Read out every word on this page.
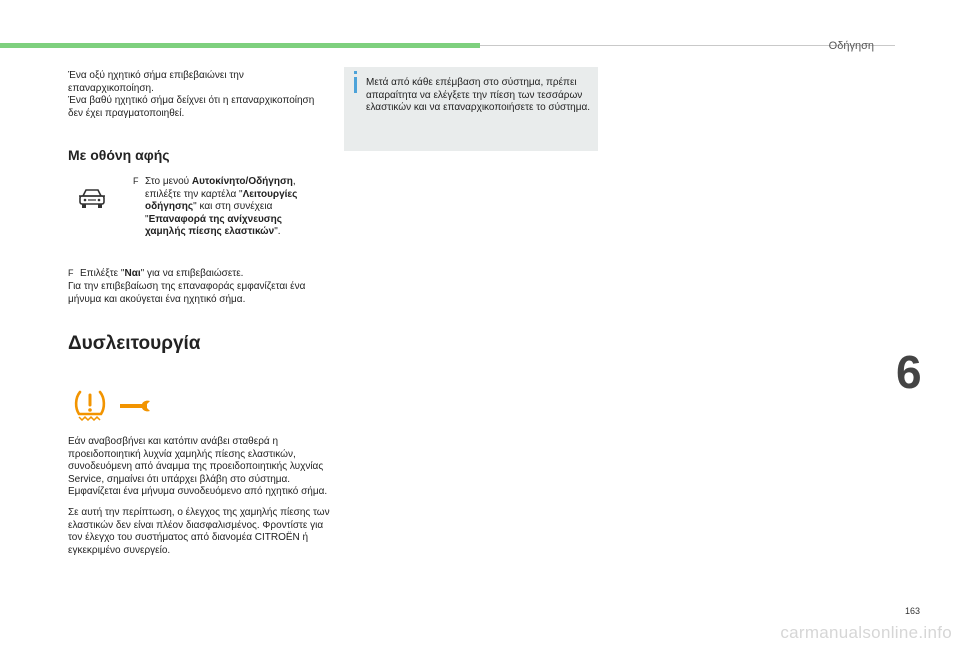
Οδήγηση
6
163

Ένα οξύ ηχητικό σήμα επιβεβαιώνει την επαναρχικοποίηση.

Ένα βαθύ ηχητικό σήμα δείχνει ότι η επαναρχικοποίηση δεν έχει πραγματοποιηθεί.

Με οθόνη αφής
F Στο μενού Αυτοκίνητο/Οδήγηση, επιλέξτε την καρτέλα "Λειτουργίες οδήγησης" και στη συνέχεια "Επαναφορά της ανίχνευσης χαμηλής πίεσης ελαστικών".

F Επιλέξτε "Ναι" για να επιβεβαιώσετε.

Για την επιβεβαίωση της επαναφοράς εμφανίζεται ένα μήνυμα και ακούγεται ένα ηχητικό σήμα.

Δυσλειτουργία

Εάν αναβοσβήνει και κατόπιν ανάβει σταθερά η προειδοποιητική λυχνία χαμηλής πίεσης ελαστικών, συνοδευόμενη από άναμμα της προειδοποιητικής λυχνίας Service, σημαίνει ότι υπάρχει βλάβη στο σύστημα.

Εμφανίζεται ένα μήνυμα συνοδευόμενο από ηχητικό σήμα.

Σε αυτή την περίπτωση, ο έλεγχος της χαμηλής πίεσης των ελαστικών δεν είναι πλέον διασφαλισμένος. Φροντίστε για τον έλεγχο του συστήματος από διανομέα CITROËN ή εγκεκριμένο συνεργείο.

Μετά από κάθε επέμβαση στο σύστημα, πρέπει απαραίτητα να ελέγξετε την πίεση των τεσσάρων ελαστικών και να επαναρχικοποιήσετε το σύστημα.

carmanualsonline.info
